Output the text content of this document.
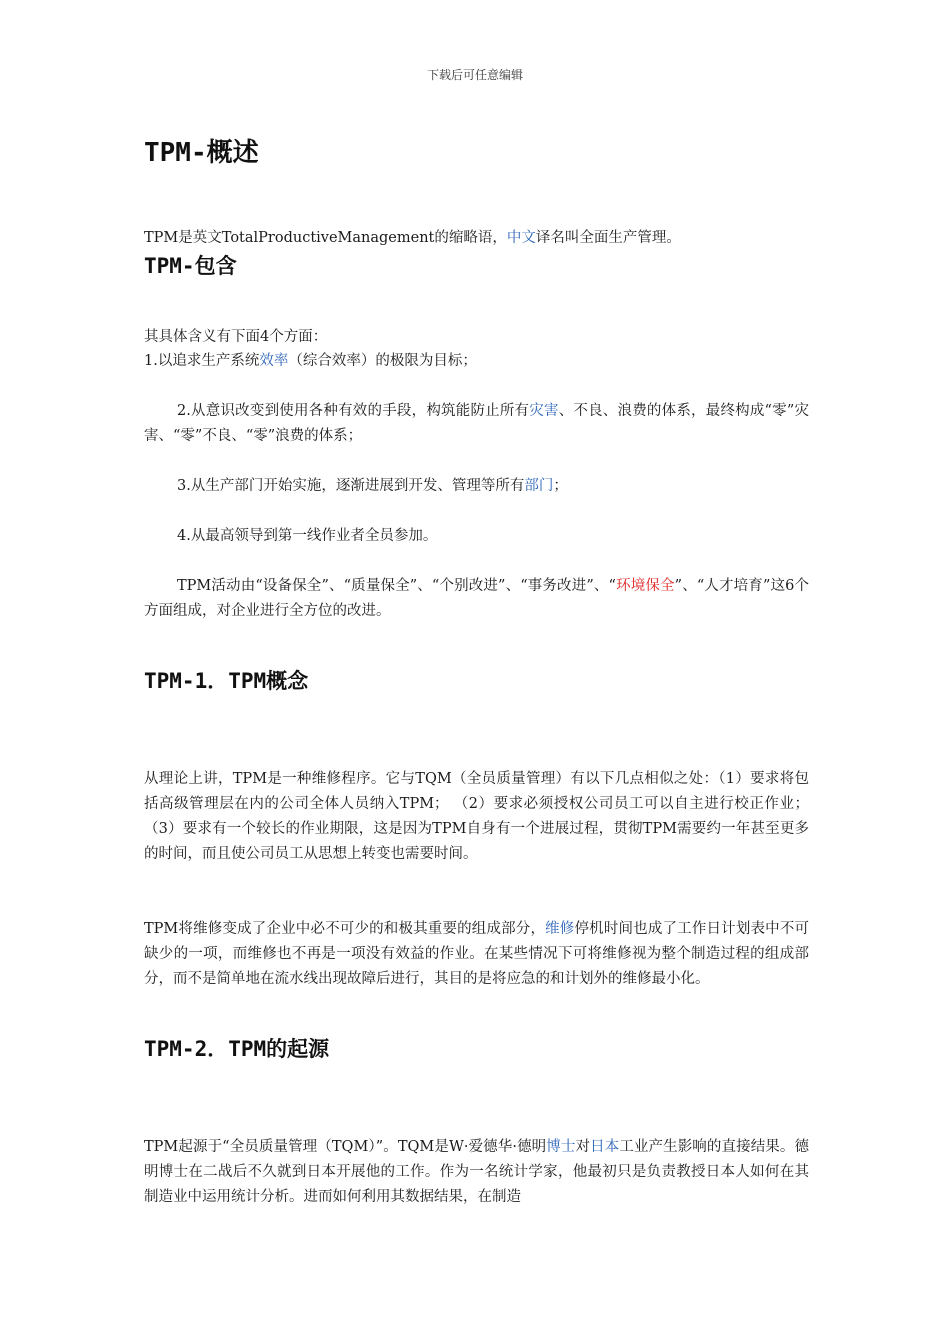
下载后可任意编辑
TPM-概述

TPM是英文TotalProductiveManagement的缩略语，中文译名叫全面生产管理。

TPM-包含

其具体含义有下面4个方面：

1.以追求生产系统效率（综合效率）的极限为目标；

2.从意识改变到使用各种有效的手段，构筑能防止所有灾害、不良、浪费的体系，最终构成“零”灾害、“零”不良、“零”浪费的体系；

3.从生产部门开始实施，逐渐进展到开发、管理等所有部门；

4.从最高领导到第一线作业者全员参加。

TPM活动由“设备保全”、“质量保全”、“个别改进”、“事务改进”、“环境保全”、“人才培育”这6个方面组成，对企业进行全方位的改进。

TPM-1．TPM概念

从理论上讲，TPM是一种维修程序。它与TQM（全员质量管理）有以下几点相似之处：（1）要求将包括高级管理层在内的公司全体人员纳入TPM； （2）要求必须授权公司员工可以自主进行校正作业； （3）要求有一个较长的作业期限，这是因为TPM自身有一个进展过程，贯彻TPM需要约一年甚至更多的时间，而且使公司员工从思想上转变也需要时间。

TPM将维修变成了企业中必不可少的和极其重要的组成部分，维修停机时间也成了工作日计划表中不可缺少的一项，而维修也不再是一项没有效益的作业。在某些情况下可将维修视为整个制造过程的组成部分，而不是简单地在流水线出现故障后进行，其目的是将应急的和计划外的维修最小化。

TPM-2．TPM的起源

TPM起源于“全员质量管理（TQM）”。TQM是W·爱德华·德明博士对日本工业产生影响的直接结果。德明博士在二战后不久就到日本开展他的工作。作为一名统计学家，他最初只是负责教授日本人如何在其制造业中运用统计分析。进而如何利用其数据结果，在制造
